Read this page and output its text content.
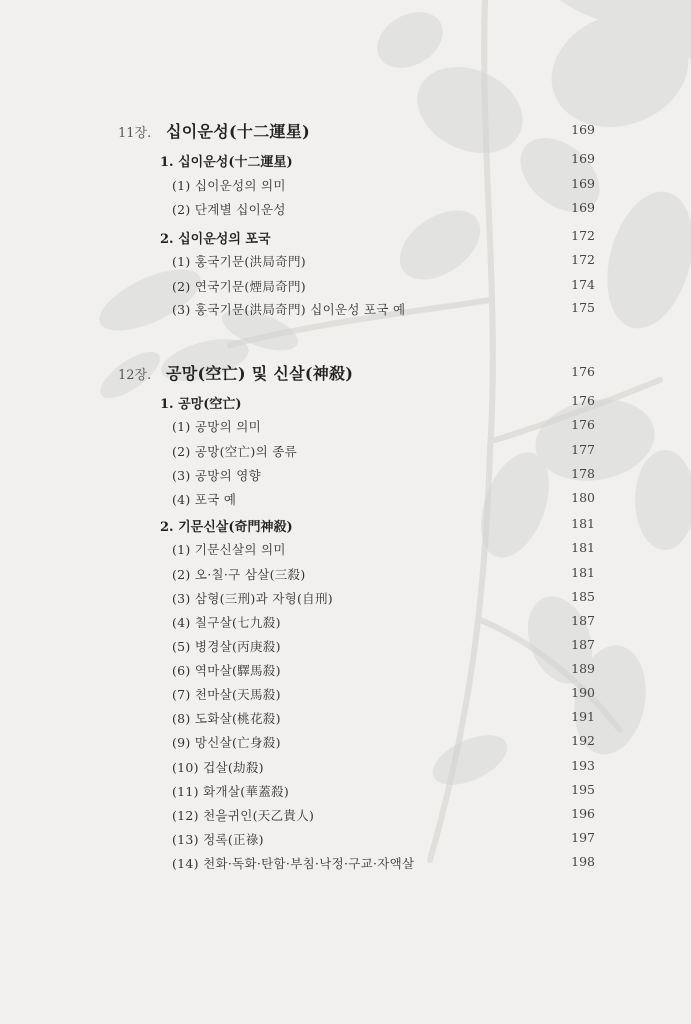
11장. 십이운성(十二運星)	169
1. 십이운성(十二運星)	169
(1) 십이운성의 의미	169
(2) 단계별 십이운성	169
2. 십이운성의 포국	172
(1) 홍국기문(洪局奇門)	172
(2) 연국기문(煙局奇門)	174
(3) 홍국기문(洪局奇門) 십이운성 포국 예	175
12장. 공망(空亡) 및 신살(神殺)	176
1. 공망(空亡)	176
(1) 공망의 의미	176
(2) 공망(空亡)의 종류	177
(3) 공망의 영향	178
(4) 포국 예	180
2. 기문신살(奇門神殺)	181
(1) 기문신살의 의미	181
(2) 오·칠·구 삼살(三殺)	181
(3) 삼형(三刑)과 자형(自刑)	185
(4) 칠구살(七九殺)	187
(5) 병경살(丙庚殺)	187
(6) 역마살(驛馬殺)	189
(7) 천마살(天馬殺)	190
(8) 도화살(桃花殺)	191
(9) 망신살(亡身殺)	192
(10) 겁살(劫殺)	193
(11) 화개살(華蓋殺)	195
(12) 천을귀인(天乙貴人)	196
(13) 정록(正祿)	197
(14) 천화·독화·탄함·부침·낙정·구교·자액살	198
